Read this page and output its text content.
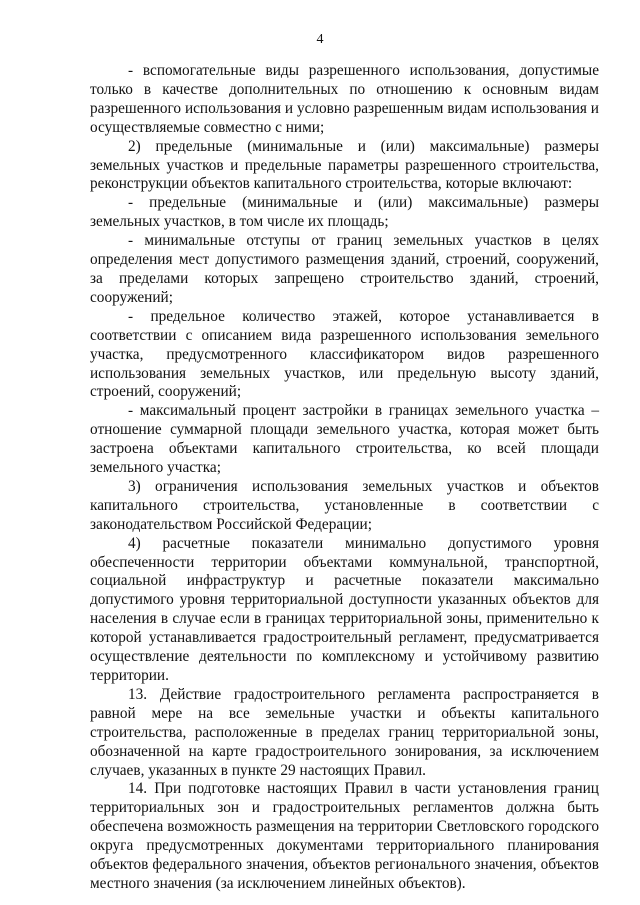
4

- вспомогательные виды разрешенного использования, допустимые только в качестве дополнительных по отношению к основным видам разрешенного использования и условно разрешенным видам использования и осуществляемые совместно с ними;

2) предельные (минимальные и (или) максимальные) размеры земельных участков и предельные параметры разрешенного строительства, реконструкции объектов капитального строительства, которые включают:

- предельные (минимальные и (или) максимальные) размеры земельных участков, в том числе их площадь;

- минимальные отступы от границ земельных участков в целях определения мест допустимого размещения зданий, строений, сооружений, за пределами которых запрещено строительство зданий, строений, сооружений;

- предельное количество этажей, которое устанавливается в соответствии с описанием вида разрешенного использования земельного участка, предусмотренного классификатором видов разрешенного использования земельных участков, или предельную высоту зданий, строений, сооружений;

- максимальный процент застройки в границах земельного участка – отношение суммарной площади земельного участка, которая может быть застроена объектами капитального строительства, ко всей площади земельного участка;

3) ограничения использования земельных участков и объектов капитального строительства, установленные в соответствии с законодательством Российской Федерации;

4) расчетные показатели минимально допустимого уровня обеспеченности территории объектами коммунальной, транспортной, социальной инфраструктур и расчетные показатели максимально допустимого уровня территориальной доступности указанных объектов для населения в случае если в границах территориальной зоны, применительно к которой устанавливается градостроительный регламент, предусматривается осуществление деятельности по комплексному и устойчивому развитию территории.

13. Действие градостроительного регламента распространяется в равной мере на все земельные участки и объекты капитального строительства, расположенные в пределах границ территориальной зоны, обозначенной на карте градостроительного зонирования, за исключением случаев, указанных в пункте 29 настоящих Правил.

14. При подготовке настоящих Правил в части установления границ территориальных зон и градостроительных регламентов должна быть обеспечена возможность размещения на территории Светловского городского округа предусмотренных документами территориального планирования объектов федерального значения, объектов регионального значения, объектов местного значения (за исключением линейных объектов).
